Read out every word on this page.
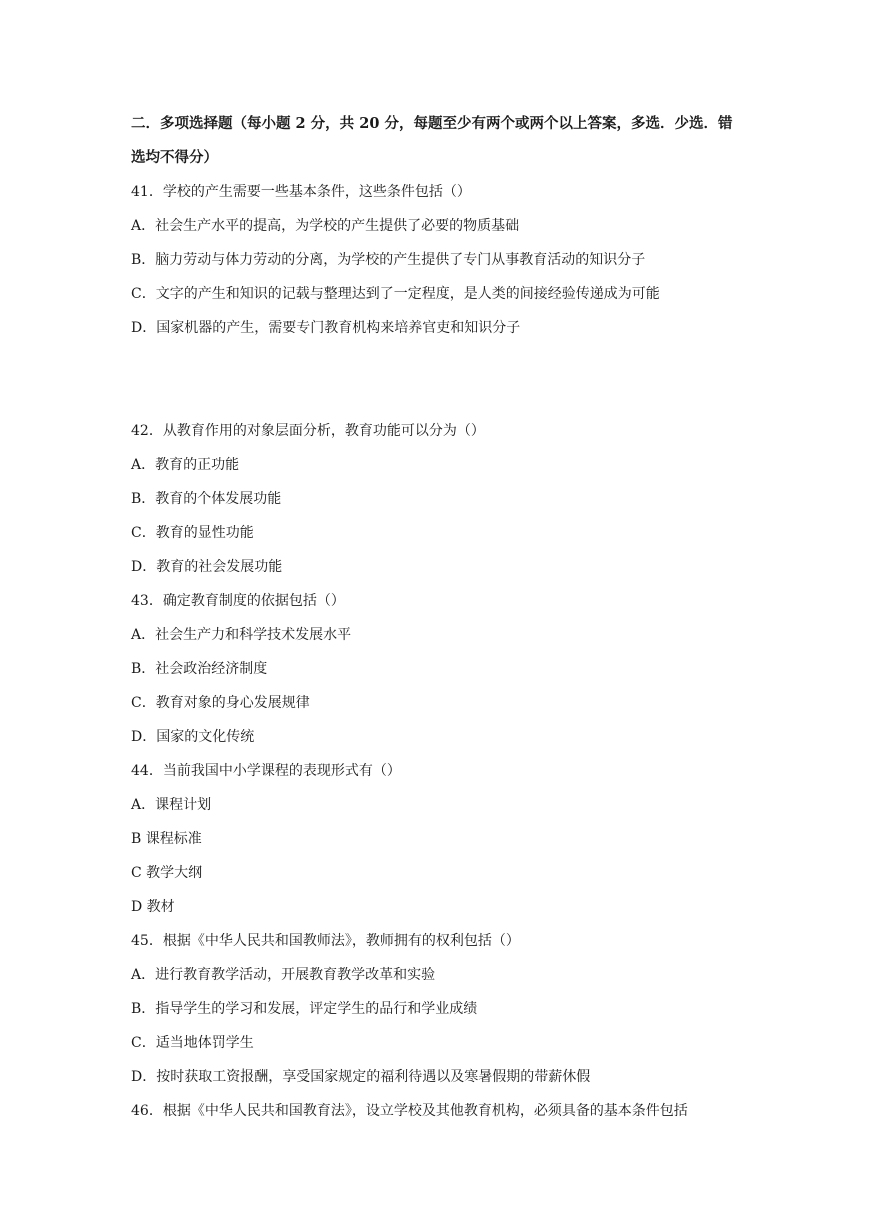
二．多项选择题（每小题 2 分，共 20 分，每题至少有两个或两个以上答案，多选．少选．错
选均不得分）
41．学校的产生需要一些基本条件，这些条件包括（）
A．社会生产水平的提高，为学校的产生提供了必要的物质基础
B．脑力劳动与体力劳动的分离，为学校的产生提供了专门从事教育活动的知识分子
C．文字的产生和知识的记载与整理达到了一定程度，是人类的间接经验传递成为可能
D．国家机器的产生，需要专门教育机构来培养官吏和知识分子
42．从教育作用的对象层面分析，教育功能可以分为（）
A．教育的正功能
B．教育的个体发展功能
C．教育的显性功能
D．教育的社会发展功能
43．确定教育制度的依据包括（）
A．社会生产力和科学技术发展水平
B．社会政治经济制度
C．教育对象的身心发展规律
D．国家的文化传统
44．当前我国中小学课程的表现形式有（）
A．课程计划
B 课程标准
C 教学大纲
D 教材
45．根据《中华人民共和国教师法》，教师拥有的权利包括（）
A．进行教育教学活动，开展教育教学改革和实验
B．指导学生的学习和发展，评定学生的品行和学业成绩
C．适当地体罚学生
D．按时获取工资报酬，享受国家规定的福利待遇以及寒暑假期的带薪休假
46．根据《中华人民共和国教育法》，设立学校及其他教育机构，必须具备的基本条件包括
